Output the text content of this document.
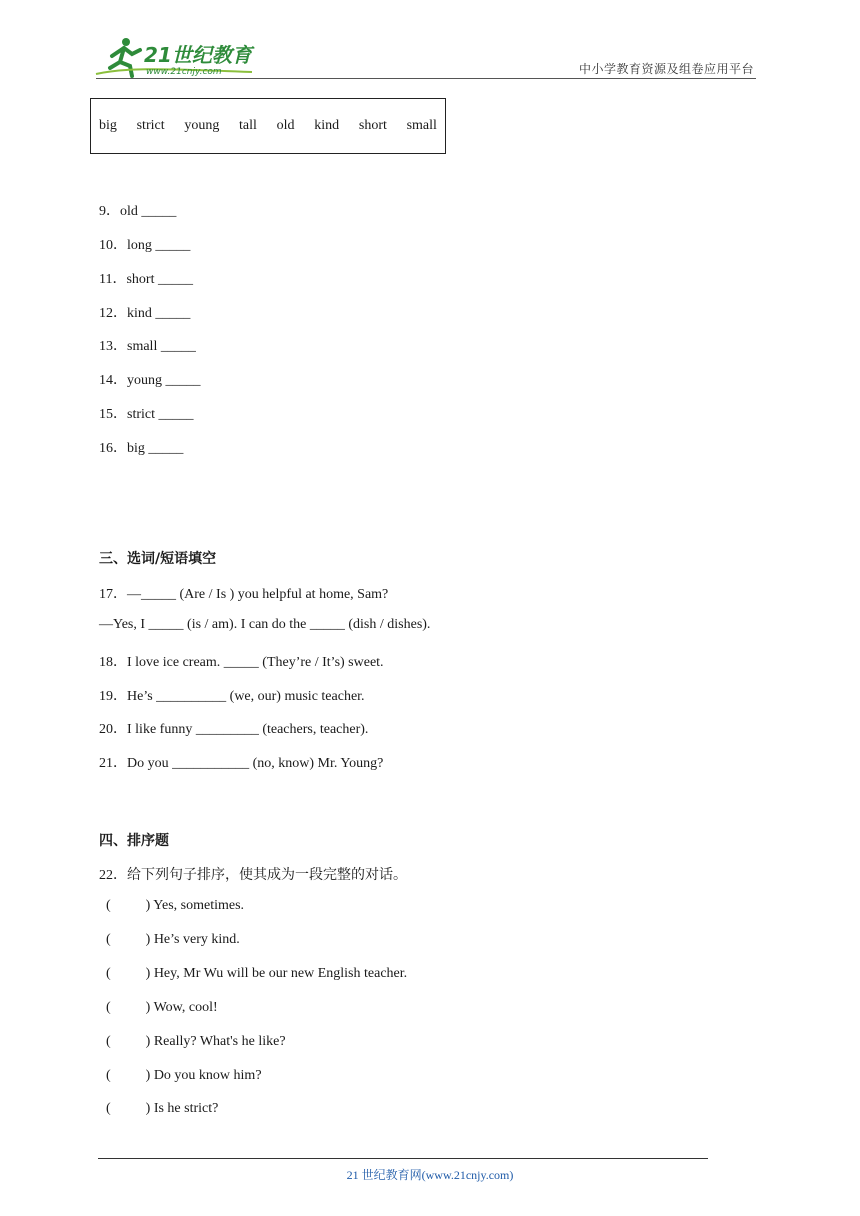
21世纪教育
www.21cnjy.com	中小学教育资源及组卷应用平台
big strict young tall old kind short small
9．old _____
10．long _____
11．short _____
12．kind _____
13．small _____
14．young _____
15．strict _____
16．big _____
三、选词/短语填空
17．—_____ (Are / Is ) you helpful at home, Sam?
—Yes, I _____ (is / am). I can do the _____ (dish / dishes).
18．I love ice cream. _____ (They’re / It’s) sweet.
19．He’s __________ (we, our) music teacher.
20．I like funny _________ (teachers, teacher).
21．Do you ___________ (no, know) Mr. Young?
四、排序题
22．给下列句子排序，使其成为一段完整的对话。
(          ) Yes, sometimes.
(          ) He’s very kind.
(          ) Hey, Mr Wu will be our new English teacher.
(          ) Wow, cool!
(          ) Really? What's he like?
(          ) Do you know him?
(          ) Is he strict?
21 世纪教育网(www.21cnjy.com)
